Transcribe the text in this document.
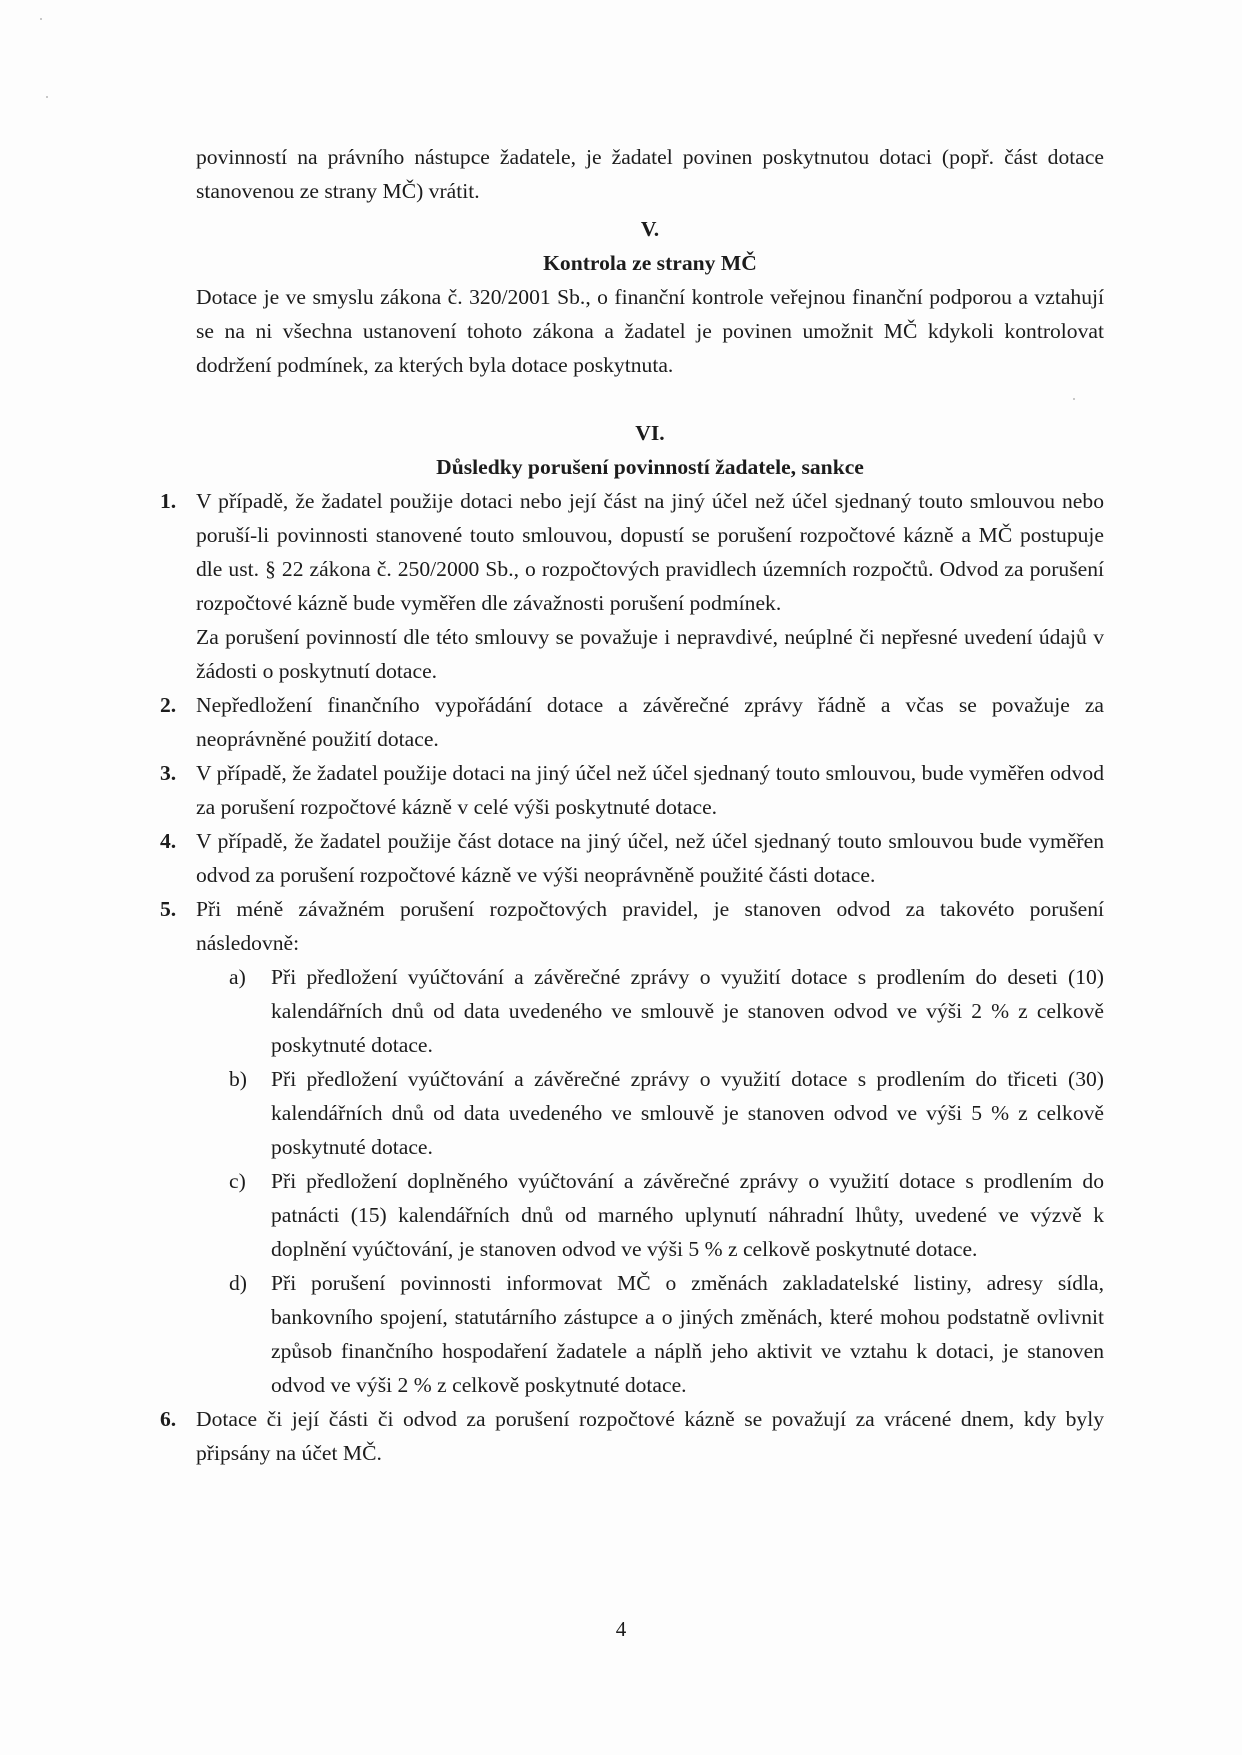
povinností na právního nástupce žadatele, je žadatel povinen poskytnutou dotaci (popř. část dotace stanovenou ze strany MČ) vrátit.

V.

Kontrola ze strany MČ

Dotace je ve smyslu zákona č. 320/2001 Sb., o finanční kontrole veřejnou finanční podporou a vztahují se na ni všechna ustanovení tohoto zákona a žadatel je povinen umožnit MČ kdykoli kontrolovat dodržení podmínek, za kterých byla dotace poskytnuta.

VI.

Důsledky porušení povinností žadatele, sankce

1. V případě, že žadatel použije dotaci nebo její část na jiný účel než účel sjednaný touto smlouvou nebo poruší-li povinnosti stanovené touto smlouvou, dopustí se porušení rozpočtové kázně a MČ postupuje dle ust. § 22 zákona č. 250/2000 Sb., o rozpočtových pravidlech územních rozpočtů. Odvod za porušení rozpočtové kázně bude vyměřen dle závažnosti porušení podmínek.
Za porušení povinností dle této smlouvy se považuje i nepravdivé, neúplné či nepřesné uvedení údajů v žádosti o poskytnutí dotace.
2. Nepředložení finančního vypořádání dotace a závěrečné zprávy řádně a včas se považuje za neoprávněné použití dotace.
3. V případě, že žadatel použije dotaci na jiný účel než účel sjednaný touto smlouvou, bude vyměřen odvod za porušení rozpočtové kázně v celé výši poskytnuté dotace.
4. V případě, že žadatel použije část dotace na jiný účel, než účel sjednaný touto smlouvou bude vyměřen odvod za porušení rozpočtové kázně ve výši neoprávněně použité části dotace.
5. Při méně závažném porušení rozpočtových pravidel, je stanoven odvod za takovéto porušení následovně:
a) Při předložení vyúčtování a závěrečné zprávy o využití dotace s prodlením do deseti (10) kalendářních dnů od data uvedeného ve smlouvě je stanoven odvod ve výši 2 % z celkově poskytnuté dotace.
b) Při předložení vyúčtování a závěrečné zprávy o využití dotace s prodlením do třiceti (30) kalendářních dnů od data uvedeného ve smlouvě je stanoven odvod ve výši 5 % z celkově poskytnuté dotace.
c) Při předložení doplněného vyúčtování a závěrečné zprávy o využití dotace s prodlením do patnácti (15) kalendářních dnů od marného uplynutí náhradní lhůty, uvedené ve výzvě k doplnění vyúčtování, je stanoven odvod ve výši 5 % z celkově poskytnuté dotace.
d) Při porušení povinnosti informovat MČ o změnách zakladatelské listiny, adresy sídla, bankovního spojení, statutárního zástupce a o jiných změnách, které mohou podstatně ovlivnit způsob finančního hospodaření žadatele a náplň jeho aktivit ve vztahu k dotaci, je stanoven odvod ve výši 2 % z celkově poskytnuté dotace.
6. Dotace či její části či odvod za porušení rozpočtové kázně se považují za vrácené dnem, kdy byly připsány na účet MČ.
4
